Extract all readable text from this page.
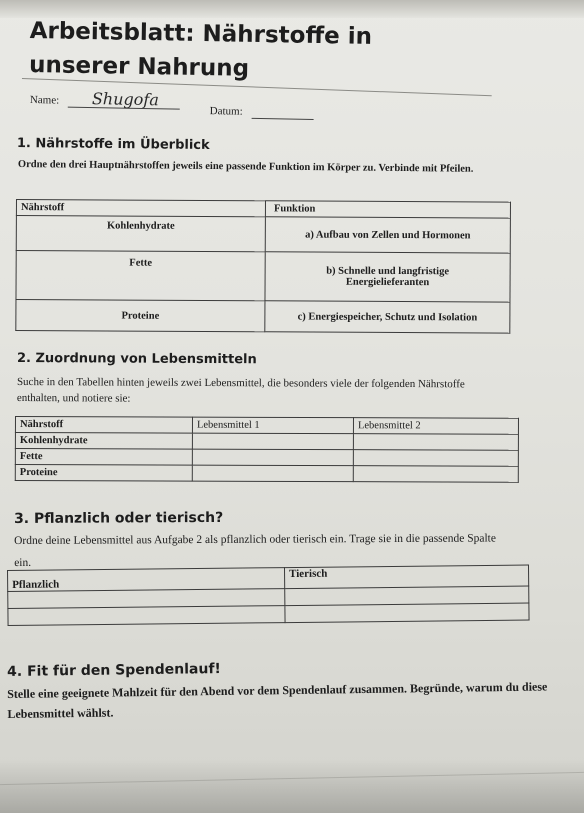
Arbeitsblatt: Nährstoffe in unserer Nahrung
Name: Shugofa
Datum:
1. Nährstoffe im Überblick
Ordne den drei Hauptnährstoffen jeweils eine passende Funktion im Körper zu. Verbinde mit Pfeilen.
Nährstoff	Funktion
Kohlenhydrate	a) Aufbau von Zellen und Hormonen
Fette	b) Schnelle und langfristige Energielieferanten
Proteine	c) Energiespeicher, Schutz und Isolation
2. Zuordnung von Lebensmitteln
Suche in den Tabellen hinten jeweils zwei Lebensmittel, die besonders viele der folgenden Nährstoffe enthalten, und notiere sie:
Nährstoff	Lebensmittel 1	Lebensmittel 2
Kohlenhydrate		
Fette		
Proteine		
3. Pflanzlich oder tierisch?
Ordne deine Lebensmittel aus Aufgabe 2 als pflanzlich oder tierisch ein. Trage sie in die passende Spalte ein.
Pflanzlich	Tierisch

4. Fit für den Spendenlauf!
Stelle eine geeignete Mahlzeit für den Abend vor dem Spendenlauf zusammen. Begründe, warum du diese Lebensmittel wählst.
